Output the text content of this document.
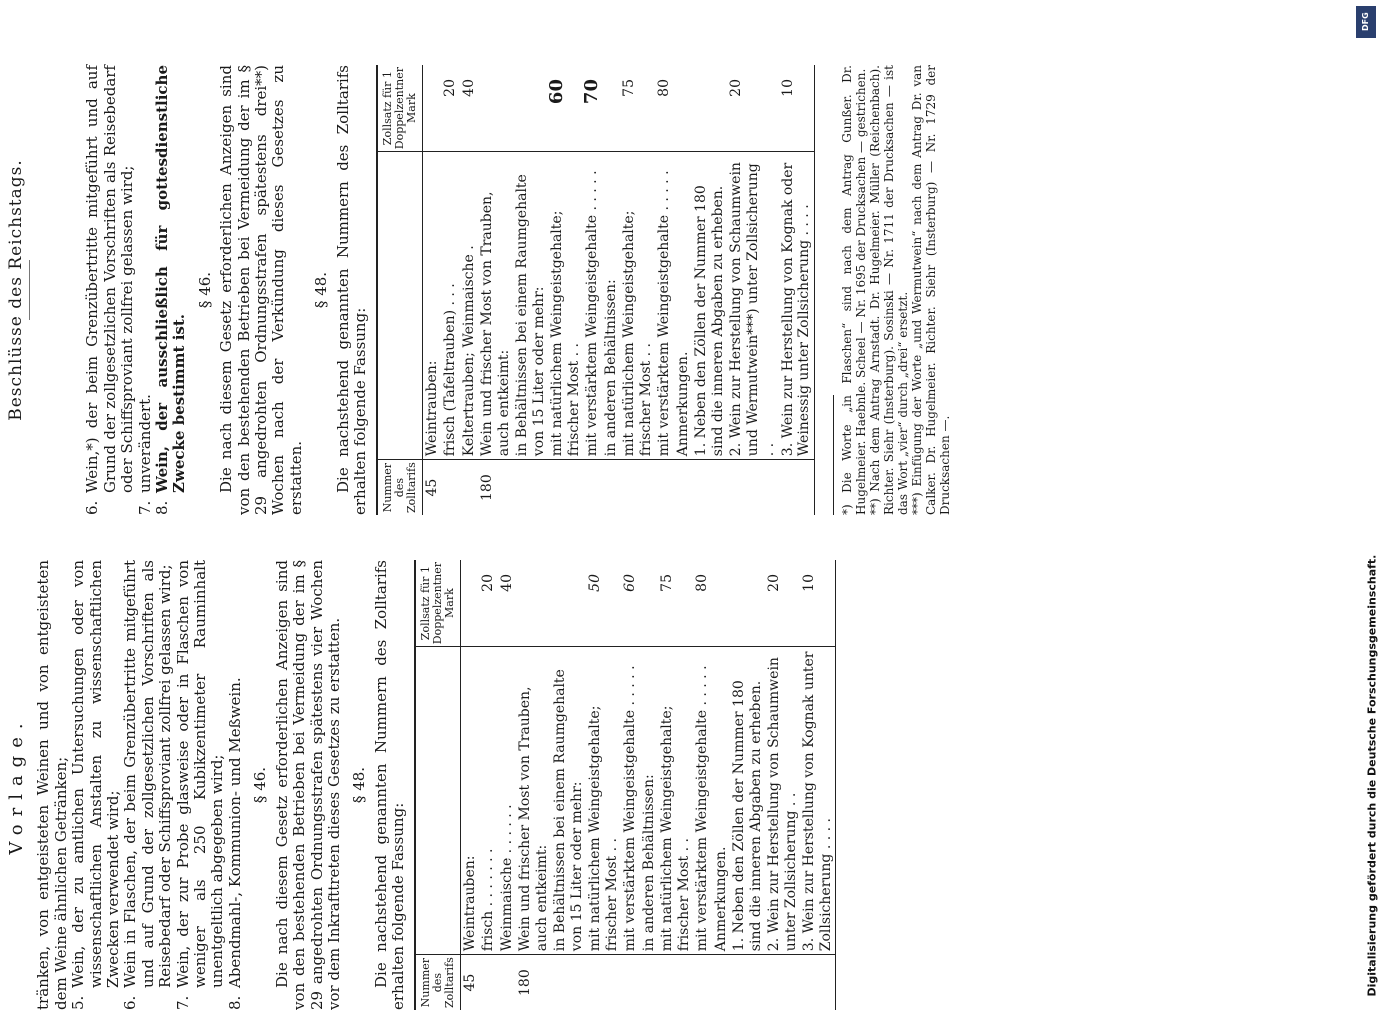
Vorlage. tränken, von entgeisteten Weinen und von entgeisteten dem Weine ähnlichen Getränken; 5.Wein, der zu amtlichen Untersuchungen oder von wissenschaftlichen Anstalten zu wissenschaftlichen Zwecken verwendet wird;

6.Wein in Flaschen, der beim Grenzübertritte mitgeführt und auf Grund der zollgesetzlichen Vorschriften als Reisebedarf oder Schiffsproviant zollfrei gelassen wird;

7.Wein, der zur Probe glasweise oder in Flaschen von weniger als 250 Kubikzentimeter Rauminhalt unentgeltlich abgegeben wird;

8.Abendmahl-, Kommunion- und Meßwein. § 46. Die nach diesem Gesetz erforderlichen Anzeigen sind von den bestehenden Betrieben bei Vermeidung der im § 29 angedrohten Ordnungsstrafen spätestens vier Wochen vor dem Inkrafttreten dieses Gesetzes zu erstatten. § 48. Die nachstehend genannten Nummern des Zolltarifs erhalten folgende Fassung: Nummer des Zolltarifs		Zollsatz für 1 Doppelzentner Mark
45	Weintrauben:	
	frisch . . . . . . .	20
	Weinmaische . . . . . .	40
180	Wein und frischer Most von Trauben, auch entkeimt:	
	in Behältnissen bei einem Raumgehalte von 15 Liter oder mehr:	
	mit natürlichem Weingeistgehalte; frischer Most . .	50
	mit verstärktem Weingeistgehalte . . . . .	60
	in anderen Behältnissen:	
	mit natürlichem Weingeistgehalte; frischer Most . .	75
	mit verstärktem Weingeistgehalte . . . . .	80
	Anmerkungen.	
	1. Neben den Zöllen der Nummer 180 sind die inneren Abgaben zu erheben.	
	2. Wein zur Herstellung von Schaumwein unter Zollsicherung . .	20
	3. Wein zur Herstellung von Kognak unter Zollsicherung . . . .	10
Beschlüsse des Reichstags.

6.Wein,*) der beim Grenzübertritte mitgeführt und auf Grund der zollgesetzlichen Vorschriften als Reisebedarf oder Schiffsproviant zollfrei gelassen wird;

7.unverändert.

8.Wein, der ausschließlich für gottesdienstliche Zwecke bestimmt ist.

§ 46. Die nach diesem Gesetz erforderlichen Anzeigen sind von den bestehenden Betrieben bei Vermeidung der im § 29 angedrohten Ordnungsstrafen spätestens drei**) Wochen nach der Verkündung dieses Gesetzes zu erstatten.

§ 48. Die nachstehend genannten Nummern des Zolltarifs erhalten folgende Fassung: Nummer des Zolltarifs		Zollsatz für 1 Doppelzentner Mark
45	Weintrauben:	
	frisch (Tafeltrauben) . . .	20
	Keltertrauben; Weinmaische .	40
180	Wein und frischer Most von Trauben, auch entkeimt:	
	in Behältnissen bei einem Raumgehalte von 15 Liter oder mehr:	
	mit natürlichem Weingeistgehalte; frischer Most . .	60
	mit verstärktem Weingeistgehalte . . . . .	70
	in anderen Behältnissen:	
	mit natürlichem Weingeistgehalte; frischer Most . .	75
	mit verstärktem Weingeistgehalte . . . . .	80
	Anmerkungen.	
	1. Neben den Zöllen der Nummer 180 sind die inneren Abgaben zu erheben.	
	2. Wein zur Herstellung von Schaumwein und Wermutwein***) unter Zollsicherung . .	20
	3. Wein zur Herstellung von Kognak oder Weinessig unter Zollsicherung . . . .	10	*) Die Worte „in Flaschen“ sind nach dem Antrag Gunßer. Dr. Hugelmeier. Haebnle. Scheel — Nr. 1695 der Drucksachen — gestrichen. **) Nach dem Antrag Arnstadt. Dr. Hugelmeier. Müller (Reichenbach). Richter. Siehr (Insterburg). Sosinski — Nr. 1711 der Drucksachen — ist das Wort „vier“ durch „drei“ ersetzt. ***) Einfügung der Worte „und Wermutwein“ nach dem Antrag Dr. van Calker. Dr. Hugelmeier. Richter. Siehr (Insterburg) — Nr. 1729 der Drucksachen —.

DFG
Digitalisierung gefördert durch die Deutsche Forschungsgemeinschaft.
